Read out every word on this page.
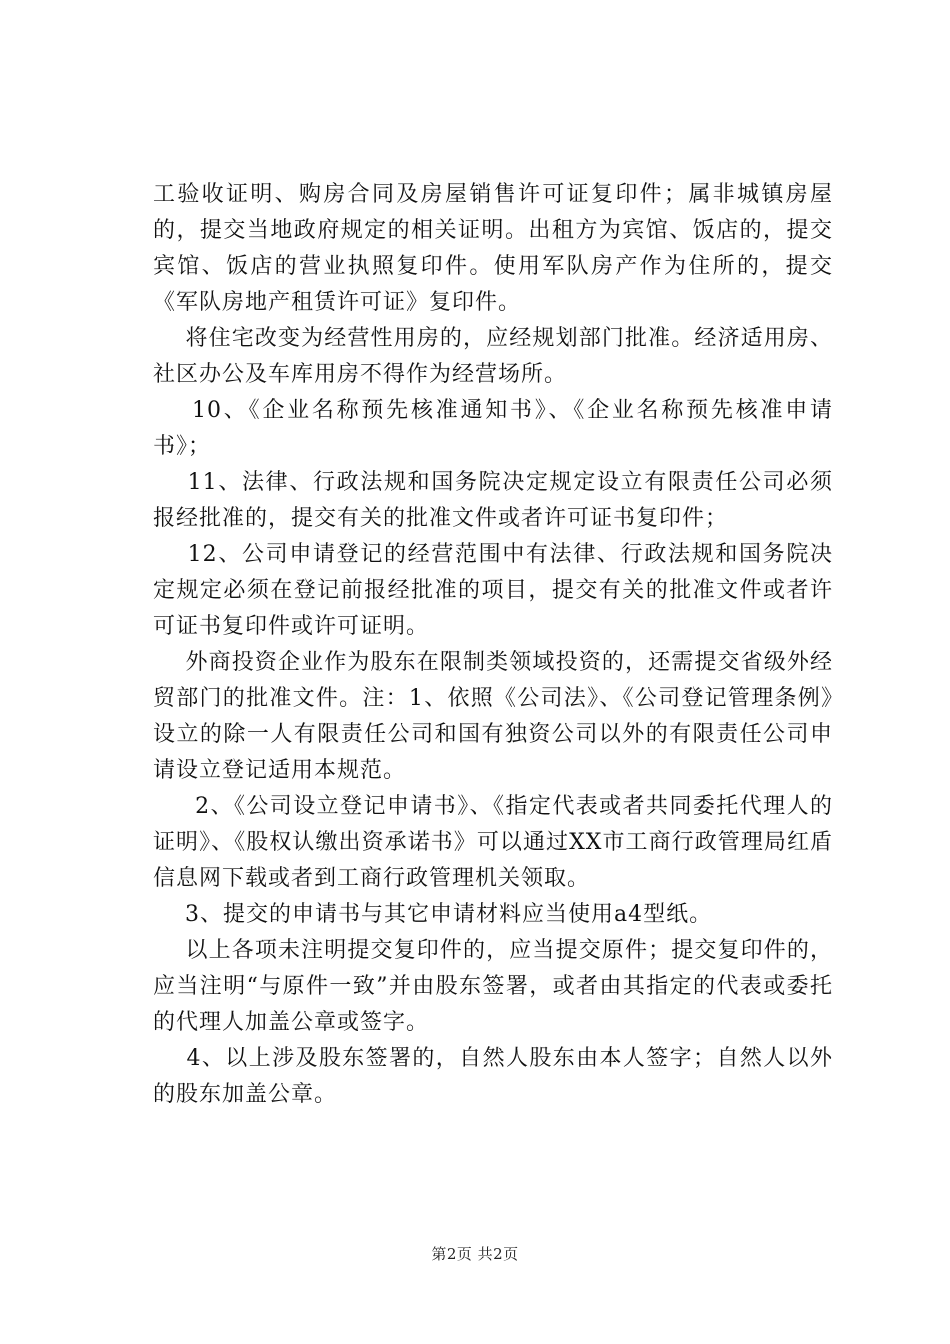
工验收证明、购房合同及房屋销售许可证复印件；属非城镇房屋的，提交当地政府规定的相关证明。出租方为宾馆、饭店的，提交宾馆、饭店的营业执照复印件。使用军队房产作为住所的，提交《军队房地产租赁许可证》复印件。

将住宅改变为经营性用房的，应经规划部门批准。经济适用房、社区办公及车库用房不得作为经营场所。

10、《企业名称预先核准通知书》、《企业名称预先核准申请书》；

11、法律、行政法规和国务院决定规定设立有限责任公司必须报经批准的，提交有关的批准文件或者许可证书复印件；

12、公司申请登记的经营范围中有法律、行政法规和国务院决定规定必须在登记前报经批准的项目，提交有关的批准文件或者许可证书复印件或许可证明。

外商投资企业作为股东在限制类领域投资的，还需提交省级外经贸部门的批准文件。注：1、依照《公司法》、《公司登记管理条例》设立的除一人有限责任公司和国有独资公司以外的有限责任公司申请设立登记适用本规范。

2、《公司设立登记申请书》、《指定代表或者共同委托代理人的证明》、《股权认缴出资承诺书》可以通过XX市工商行政管理局红盾信息网下载或者到工商行政管理机关领取。

3、提交的申请书与其它申请材料应当使用a4型纸。

以上各项未注明提交复印件的，应当提交原件；提交复印件的，应当注明“与原件一致”并由股东签署，或者由其指定的代表或委托的代理人加盖公章或签字。

4、以上涉及股东签署的，自然人股东由本人签字；自然人以外的股东加盖公章。

第2页 共2页
